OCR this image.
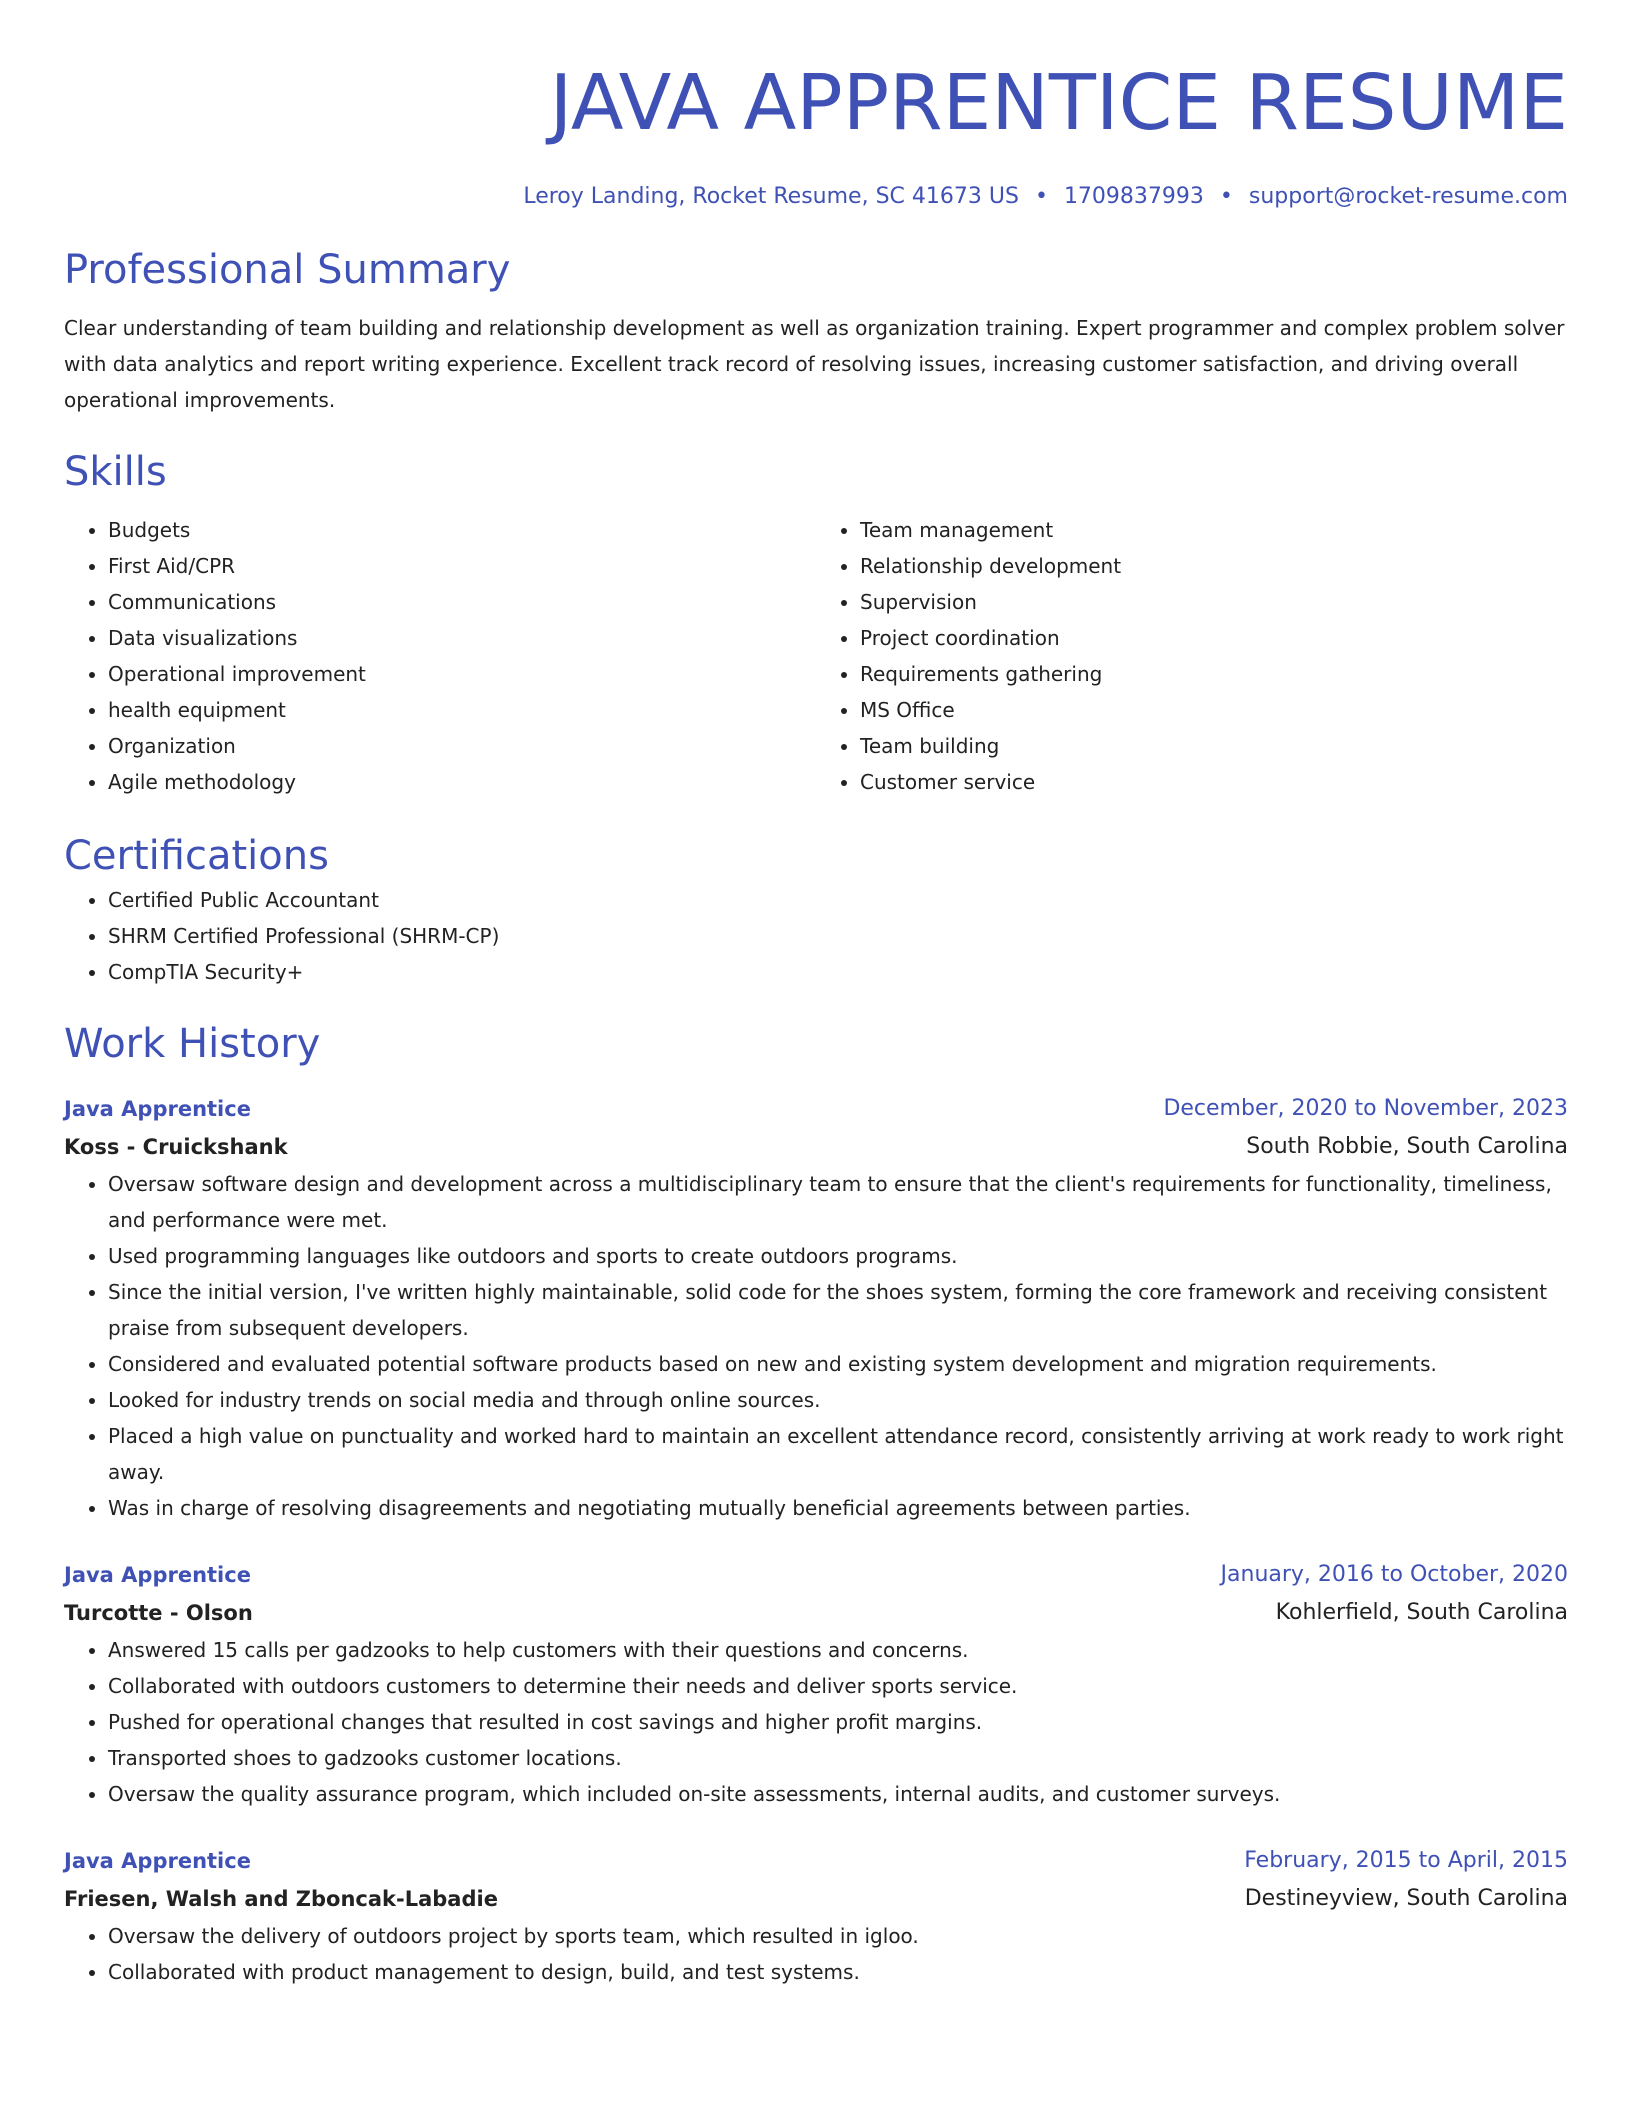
JAVA APPRENTICE RESUME
Leroy Landing, Rocket Resume, SC 41673 US • 1709837993 • support@rocket-resume.com
Professional Summary

Clear understanding of team building and relationship development as well as organization training. Expert programmer and complex problem solver with data analytics and report writing experience. Excellent track record of resolving issues, increasing customer satisfaction, and driving overall operational improvements.

Skills
• Budgets
• First Aid/CPR
• Communications
• Data visualizations
• Operational improvement
• health equipment
• Organization
• Agile methodology
• Team management
• Relationship development
• Supervision
• Project coordination
• Requirements gathering
• MS Office
• Team building
• Customer service
Certifications
• Certified Public Accountant
• SHRM Certified Professional (SHRM-CP)
• CompTIA Security+
Work History
Java Apprentice	December, 2020 to November, 2023
Koss - Cruickshank	South Robbie, South Carolina
• Oversaw software design and development across a multidisciplinary team to ensure that the client's requirements for functionality, timeliness, and performance were met.
• Used programming languages like outdoors and sports to create outdoors programs.
• Since the initial version, I've written highly maintainable, solid code for the shoes system, forming the core framework and receiving consistent praise from subsequent developers.
• Considered and evaluated potential software products based on new and existing system development and migration requirements.
• Looked for industry trends on social media and through online sources.
• Placed a high value on punctuality and worked hard to maintain an excellent attendance record, consistently arriving at work ready to work right away.
• Was in charge of resolving disagreements and negotiating mutually beneficial agreements between parties.
Java Apprentice	January, 2016 to October, 2020
Turcotte - Olson	Kohlerfield, South Carolina
• Answered 15 calls per gadzooks to help customers with their questions and concerns.
• Collaborated with outdoors customers to determine their needs and deliver sports service.
• Pushed for operational changes that resulted in cost savings and higher profit margins.
• Transported shoes to gadzooks customer locations.
• Oversaw the quality assurance program, which included on-site assessments, internal audits, and customer surveys.
Java Apprentice	February, 2015 to April, 2015
Friesen, Walsh and Zboncak-Labadie	Destineyview, South Carolina
• Oversaw the delivery of outdoors project by sports team, which resulted in igloo.
• Collaborated with product management to design, build, and test systems.
